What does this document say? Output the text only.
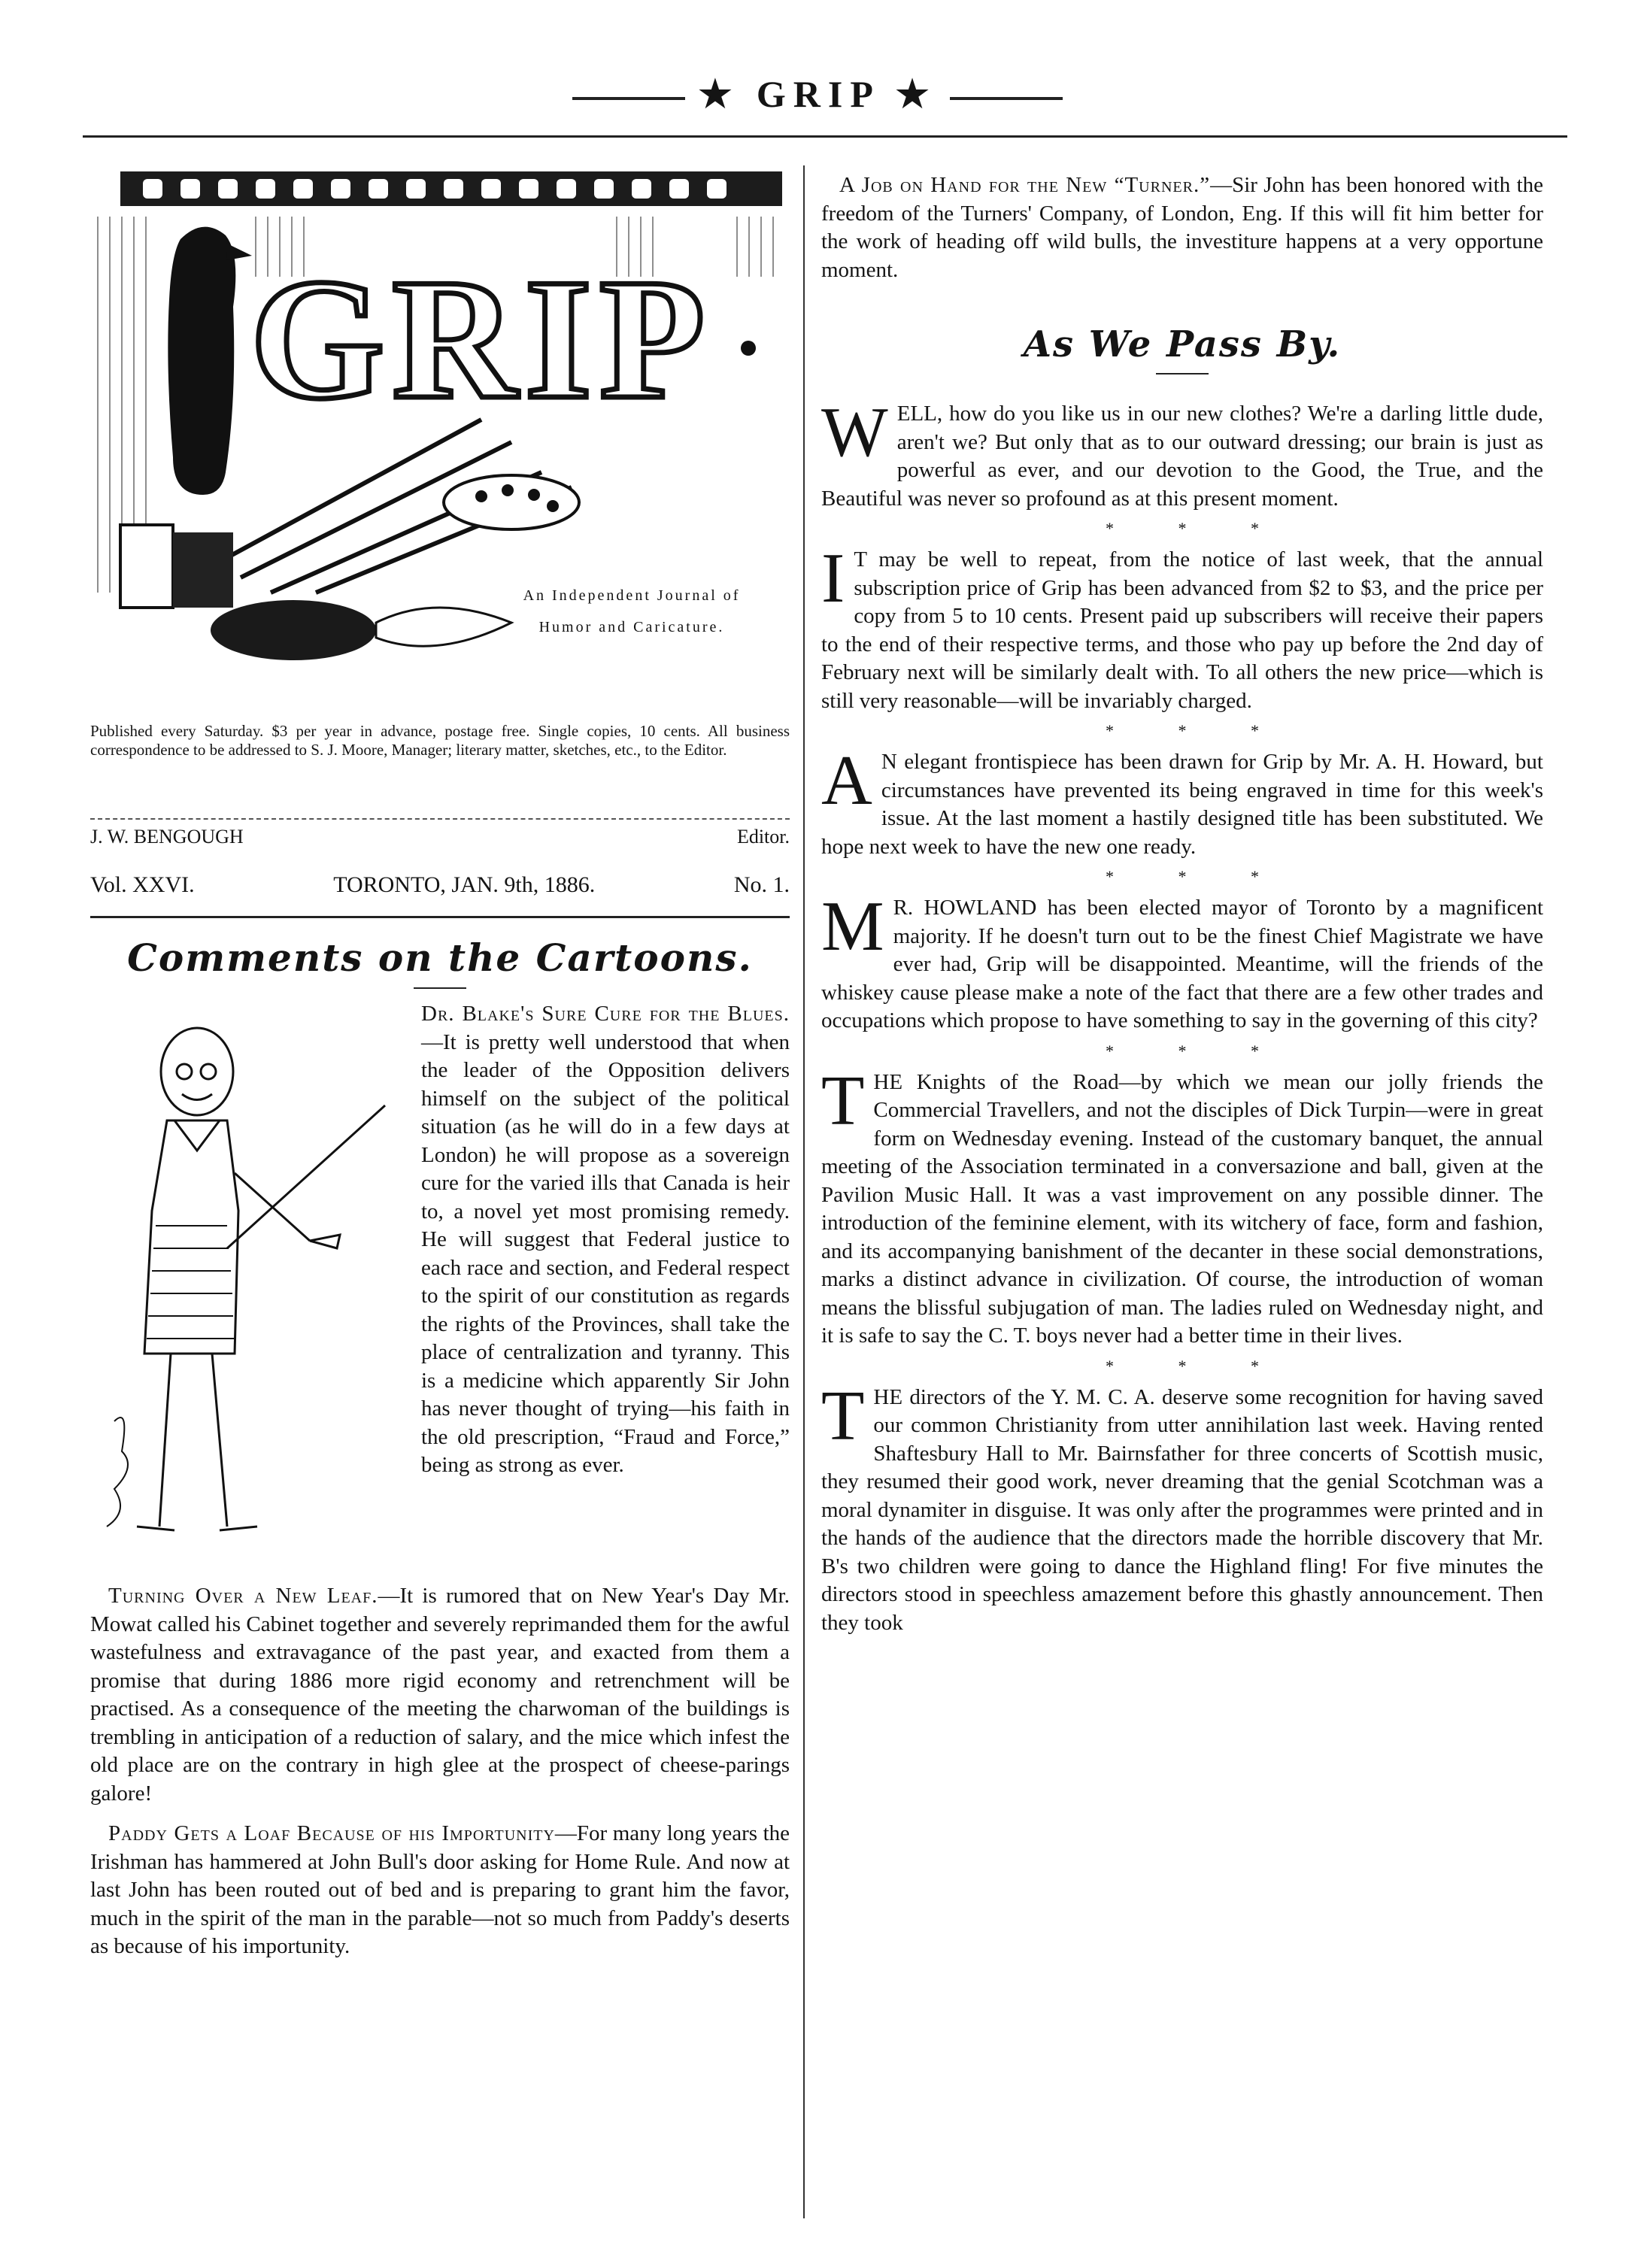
★ GRIP ★
GRIP
An Independent Journal of
Humor and Caricature.
Published every Saturday. $3 per year in advance, postage free. Single copies, 10 cents. All business correspondence to be addressed to S. J. Moore, Manager; literary matter, sketches, etc., to the Editor.
J. W. BENGOUGH	Editor.
Vol. XXVI.	TORONTO, JAN. 9th, 1886.	No. 1.
Comments on the Cartoons.

Dr. Blake's Sure Cure for the Blues.—It is pretty well understood that when the leader of the Opposition delivers himself on the subject of the political situation (as he will do in a few days at London) he will propose as a sovereign cure for the varied ills that Canada is heir to, a novel yet most promising remedy. He will suggest that Federal justice to each race and section, and Federal respect to the spirit of our constitution as regards the rights of the Provinces, shall take the place of centralization and tyranny. This is a medicine which apparently Sir John has never thought of trying—his faith in the old prescription, “Fraud and Force,” being as strong as ever.

Turning Over a New Leaf.—It is rumored that on New Year's Day Mr. Mowat called his Cabinet together and severely reprimanded them for the awful wastefulness and extravagance of the past year, and exacted from them a promise that during 1886 more rigid economy and retrenchment will be practised. As a consequence of the meeting the charwoman of the buildings is trembling in anticipation of a reduction of salary, and the mice which infest the old place are on the contrary in high glee at the prospect of cheese-parings galore!

Paddy Gets a Loaf Because of his Importunity—For many long years the Irishman has hammered at John Bull's door asking for Home Rule. And now at last John has been routed out of bed and is preparing to grant him the favor, much in the spirit of the man in the parable—not so much from Paddy's deserts as because of his importunity.

A Job on Hand for the New “Turner.”—Sir John has been honored with the freedom of the Turners' Company, of London, Eng. If this will fit him better for the work of heading off wild bulls, the investiture happens at a very opportune moment.

As We Pass By.

WELL, how do you like us in our new clothes? We're a darling little dude, aren't we? But only that as to our outward dressing; our brain is just as powerful as ever, and our devotion to the Good, the True, and the Beautiful was never so profound as at this present moment.

* * *

I T may be well to repeat, from the notice of last week, that the annual subscription price of Grip has been advanced from $2 to $3, and the price per copy from 5 to 10 cents. Present paid up subscribers will receive their papers to the end of their respective terms, and those who pay up before the 2nd day of February next will be similarly dealt with. To all others the new price—which is still very reasonable—will be invariably charged.

* * *

A N elegant frontispiece has been drawn for Grip by Mr. A. H. Howard, but circumstances have prevented its being engraved in time for this week's issue. At the last moment a hastily designed title has been substituted. We hope next week to have the new one ready.

* * *

M R. HOWLAND has been elected mayor of Toronto by a magnificent majority. If he doesn't turn out to be the finest Chief Magistrate we have ever had, Grip will be disappointed. Meantime, will the friends of the whiskey cause please make a note of the fact that there are a few other trades and occupations which propose to have something to say in the governing of this city?

* * *

THE Knights of the Road—by which we mean our jolly friends the Commercial Travellers, and not the disciples of Dick Turpin—were in great form on Wednesday evening. Instead of the customary banquet, the annual meeting of the Association terminated in a conversazione and ball, given at the Pavilion Music Hall. It was a vast improvement on any possible dinner. The introduction of the feminine element, with its witchery of face, form and fashion, and its accompanying banishment of the decanter in these social demonstrations, marks a distinct advance in civilization. Of course, the introduction of woman means the blissful subjugation of man. The ladies ruled on Wednesday night, and it is safe to say the C. T. boys never had a better time in their lives.

* * *

THE directors of the Y. M. C. A. deserve some recognition for having saved our common Christianity from utter annihilation last week. Having rented Shaftesbury Hall to Mr. Bairnsfather for three concerts of Scottish music, they resumed their good work, never dreaming that the genial Scotchman was a moral dynamiter in disguise. It was only after the programmes were printed and in the hands of the audience that the directors made the horrible discovery that Mr. B's two children were going to dance the Highland fling! For five minutes the directors stood in speechless amazement before this ghastly announcement. Then they took
